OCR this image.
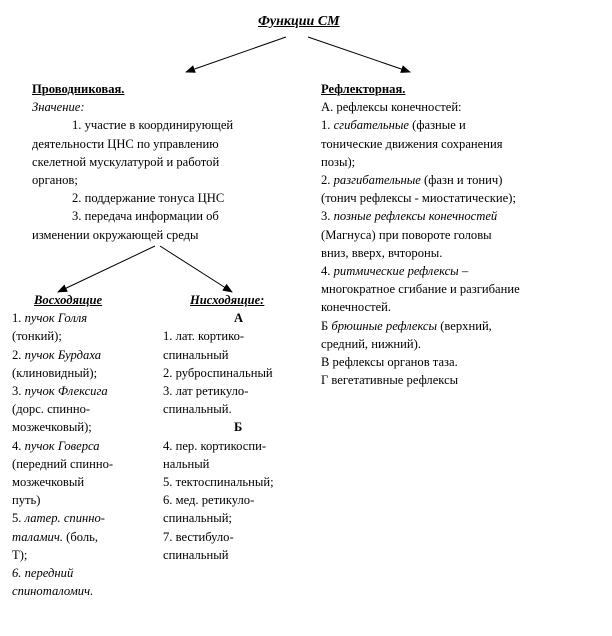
Функции СМ
Проводниковая.
Значение:
1. участие в координирующей
деятельности ЦНС по управлению
скелетной мускулатурой и работой
органов;
2. поддержание тонуса ЦНС
3. передача информации об
изменении окружающей среды
Восходящие
1. пучок Голля
(тонкий);
2. пучок Бурдаха
(клиновидный);
3. пучок Флексига
(дорс. спинно-
мозжечковый);
4. пучок Говерса
(передний спинно-
мозжечковый
путь)
5. латер. спинно-
таламич. (боль,
Т);
6. передний
спиноталомич.
Нисходящие:
А
1. лат. кортико-
спинальный
2. руброспинальный
3. лат ретикуло-
спинальный.
Б
4. пер. кортикоспи-
нальный
5. тектоспинальный;
6. мед. ретикуло-
спинальный;
7. вестибуло-
спинальный
Рефлекторная.
А. рефлексы конечностей:
1. сгибательные (фазные и
тонические движения сохранения
позы);
2. разгибательные (фазн и тонич)
(тонич рефлексы - миостатические);
3. позные рефлексы конечностей
(Магнуса) при повороте головы
вниз, вверх, вчтороны.
4. ритмические рефлексы –
многократное сгибание и разгибание
конечностей.
Б брюшные рефлексы (верхний,
средний, нижний).
В рефлексы органов таза.
Г вегетативные рефлексы
